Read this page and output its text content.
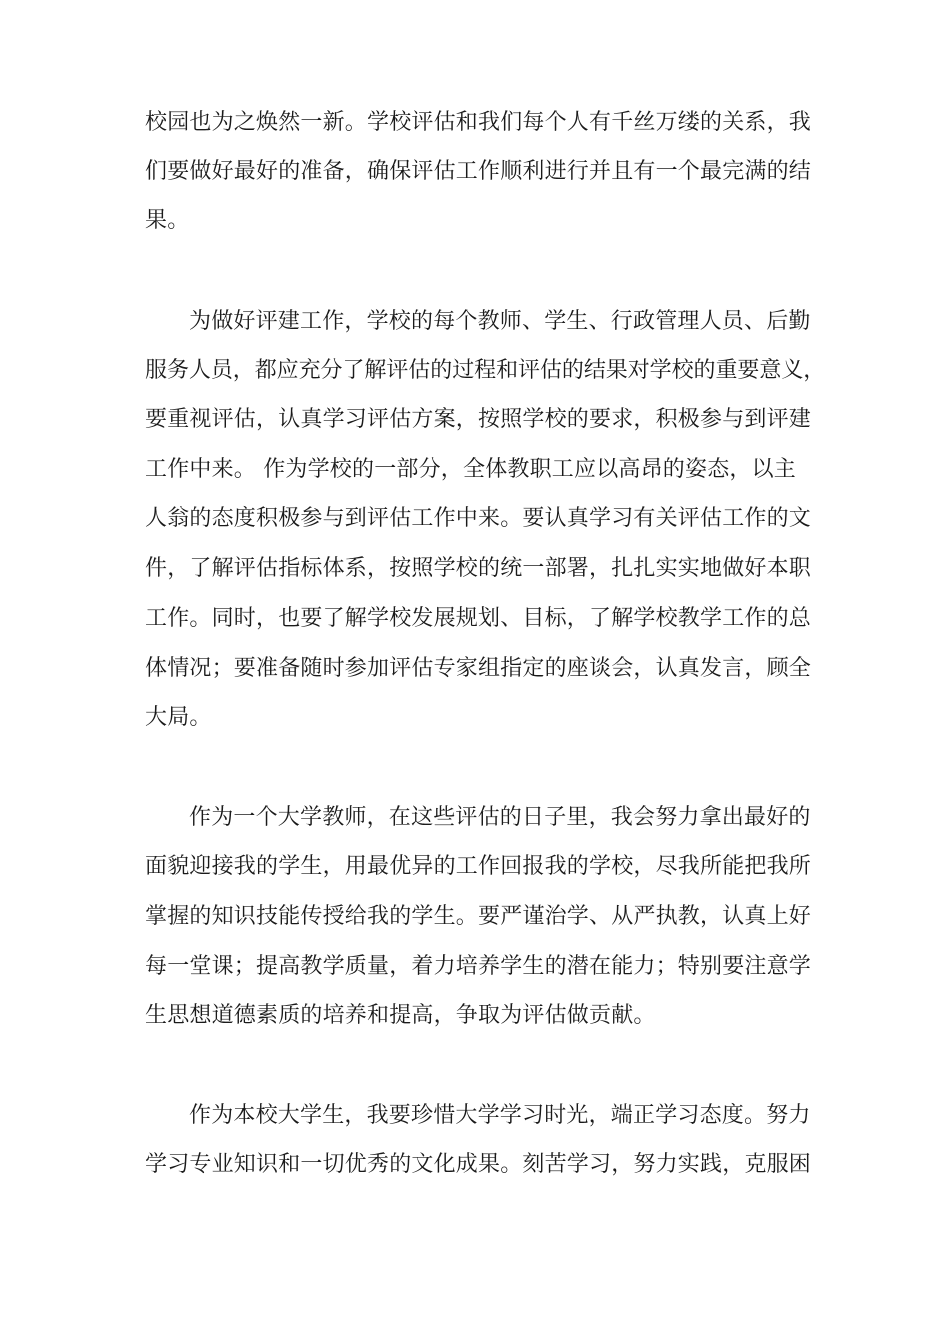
校园也为之焕然一新。学校评估和我们每个人有千丝万缕的关系，我
们要做好最好的准备，确保评估工作顺利进行并且有一个最完满的结
果。
为做好评建工作，学校的每个教师、学生、行政管理人员、后勤
服务人员，都应充分了解评估的过程和评估的结果对学校的重要意义，
要重视评估，认真学习评估方案，按照学校的要求，积极参与到评建
工作中来。 作为学校的一部分，全体教职工应以高昂的姿态，以主
人翁的态度积极参与到评估工作中来。要认真学习有关评估工作的文
件，了解评估指标体系，按照学校的统一部署，扎扎实实地做好本职
工作。同时，也要了解学校发展规划、目标，了解学校教学工作的总
体情况；要准备随时参加评估专家组指定的座谈会，认真发言，顾全
大局。
作为一个大学教师，在这些评估的日子里，我会努力拿出最好的
面貌迎接我的学生，用最优异的工作回报我的学校，尽我所能把我所
掌握的知识技能传授给我的学生。要严谨治学、从严执教，认真上好
每一堂课；提高教学质量，着力培养学生的潜在能力；特别要注意学
生思想道德素质的培养和提高，争取为评估做贡献。
作为本校大学生，我要珍惜大学学习时光，端正学习态度。努力
学习专业知识和一切优秀的文化成果。刻苦学习，努力实践，克服困
